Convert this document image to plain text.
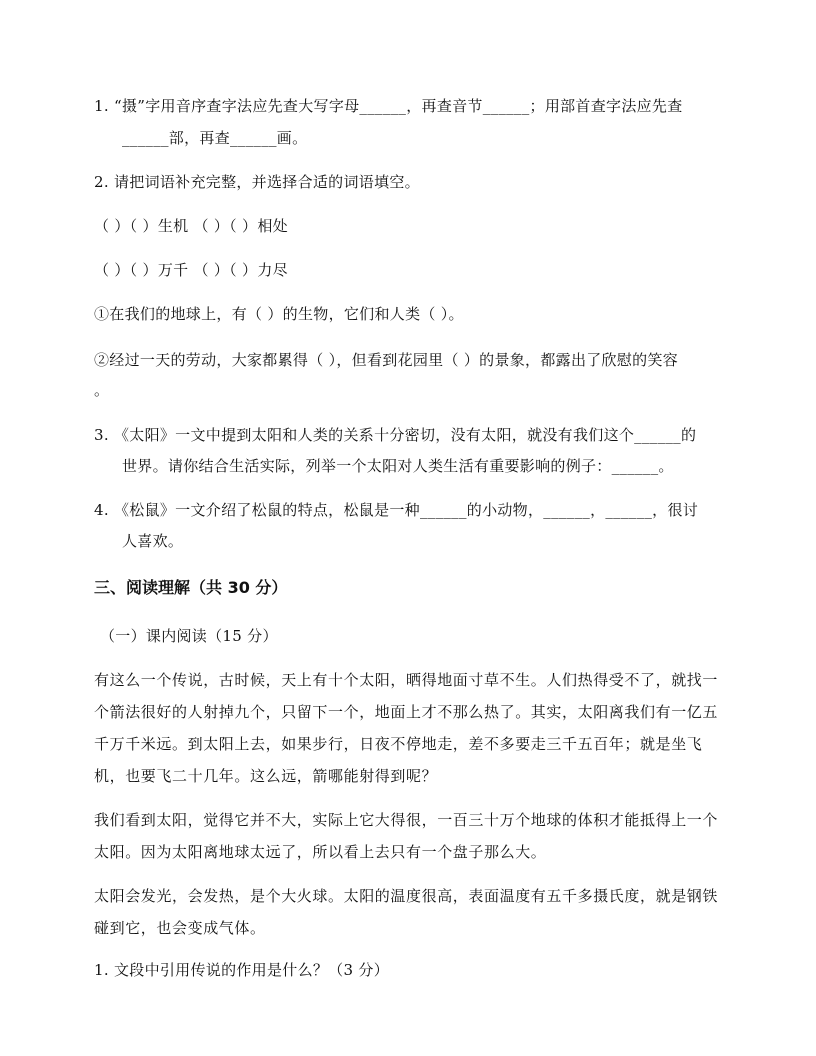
1. “摄”字用音序查字法应先查大写字母______，再查音节______；用部首查字法应先查
______部，再查______画。
2. 请把词语补充完整，并选择合适的词语填空。
（ ）（ ）生机 （ ）（ ）相处
（ ）（ ）万千 （ ）（ ）力尽
①在我们的地球上，有（ ）的生物，它们和人类（ ）。
②经过一天的劳动，大家都累得（ ），但看到花园里（ ）的景象，都露出了欣慰的笑容
。
3. 《太阳》一文中提到太阳和人类的关系十分密切，没有太阳，就没有我们这个______的
世界。请你结合生活实际，列举一个太阳对人类生活有重要影响的例子：______。
4. 《松鼠》一文介绍了松鼠的特点，松鼠是一种______的小动物，______，______，很讨
人喜欢。
三、阅读理解（共 30 分）
（一）课内阅读（15 分）
有这么一个传说，古时候，天上有十个太阳，晒得地面寸草不生。人们热得受不了，就找一个箭法很好的人射掉九个，只留下一个，地面上才不那么热了。其实，太阳离我们有一亿五千万千米远。到太阳上去，如果步行，日夜不停地走，差不多要走三千五百年；就是坐飞机，也要飞二十几年。这么远，箭哪能射得到呢？
我们看到太阳，觉得它并不大，实际上它大得很，一百三十万个地球的体积才能抵得上一个太阳。因为太阳离地球太远了，所以看上去只有一个盘子那么大。
太阳会发光，会发热，是个大火球。太阳的温度很高，表面温度有五千多摄氏度，就是钢铁碰到它，也会变成气体。
1. 文段中引用传说的作用是什么？（3 分）
